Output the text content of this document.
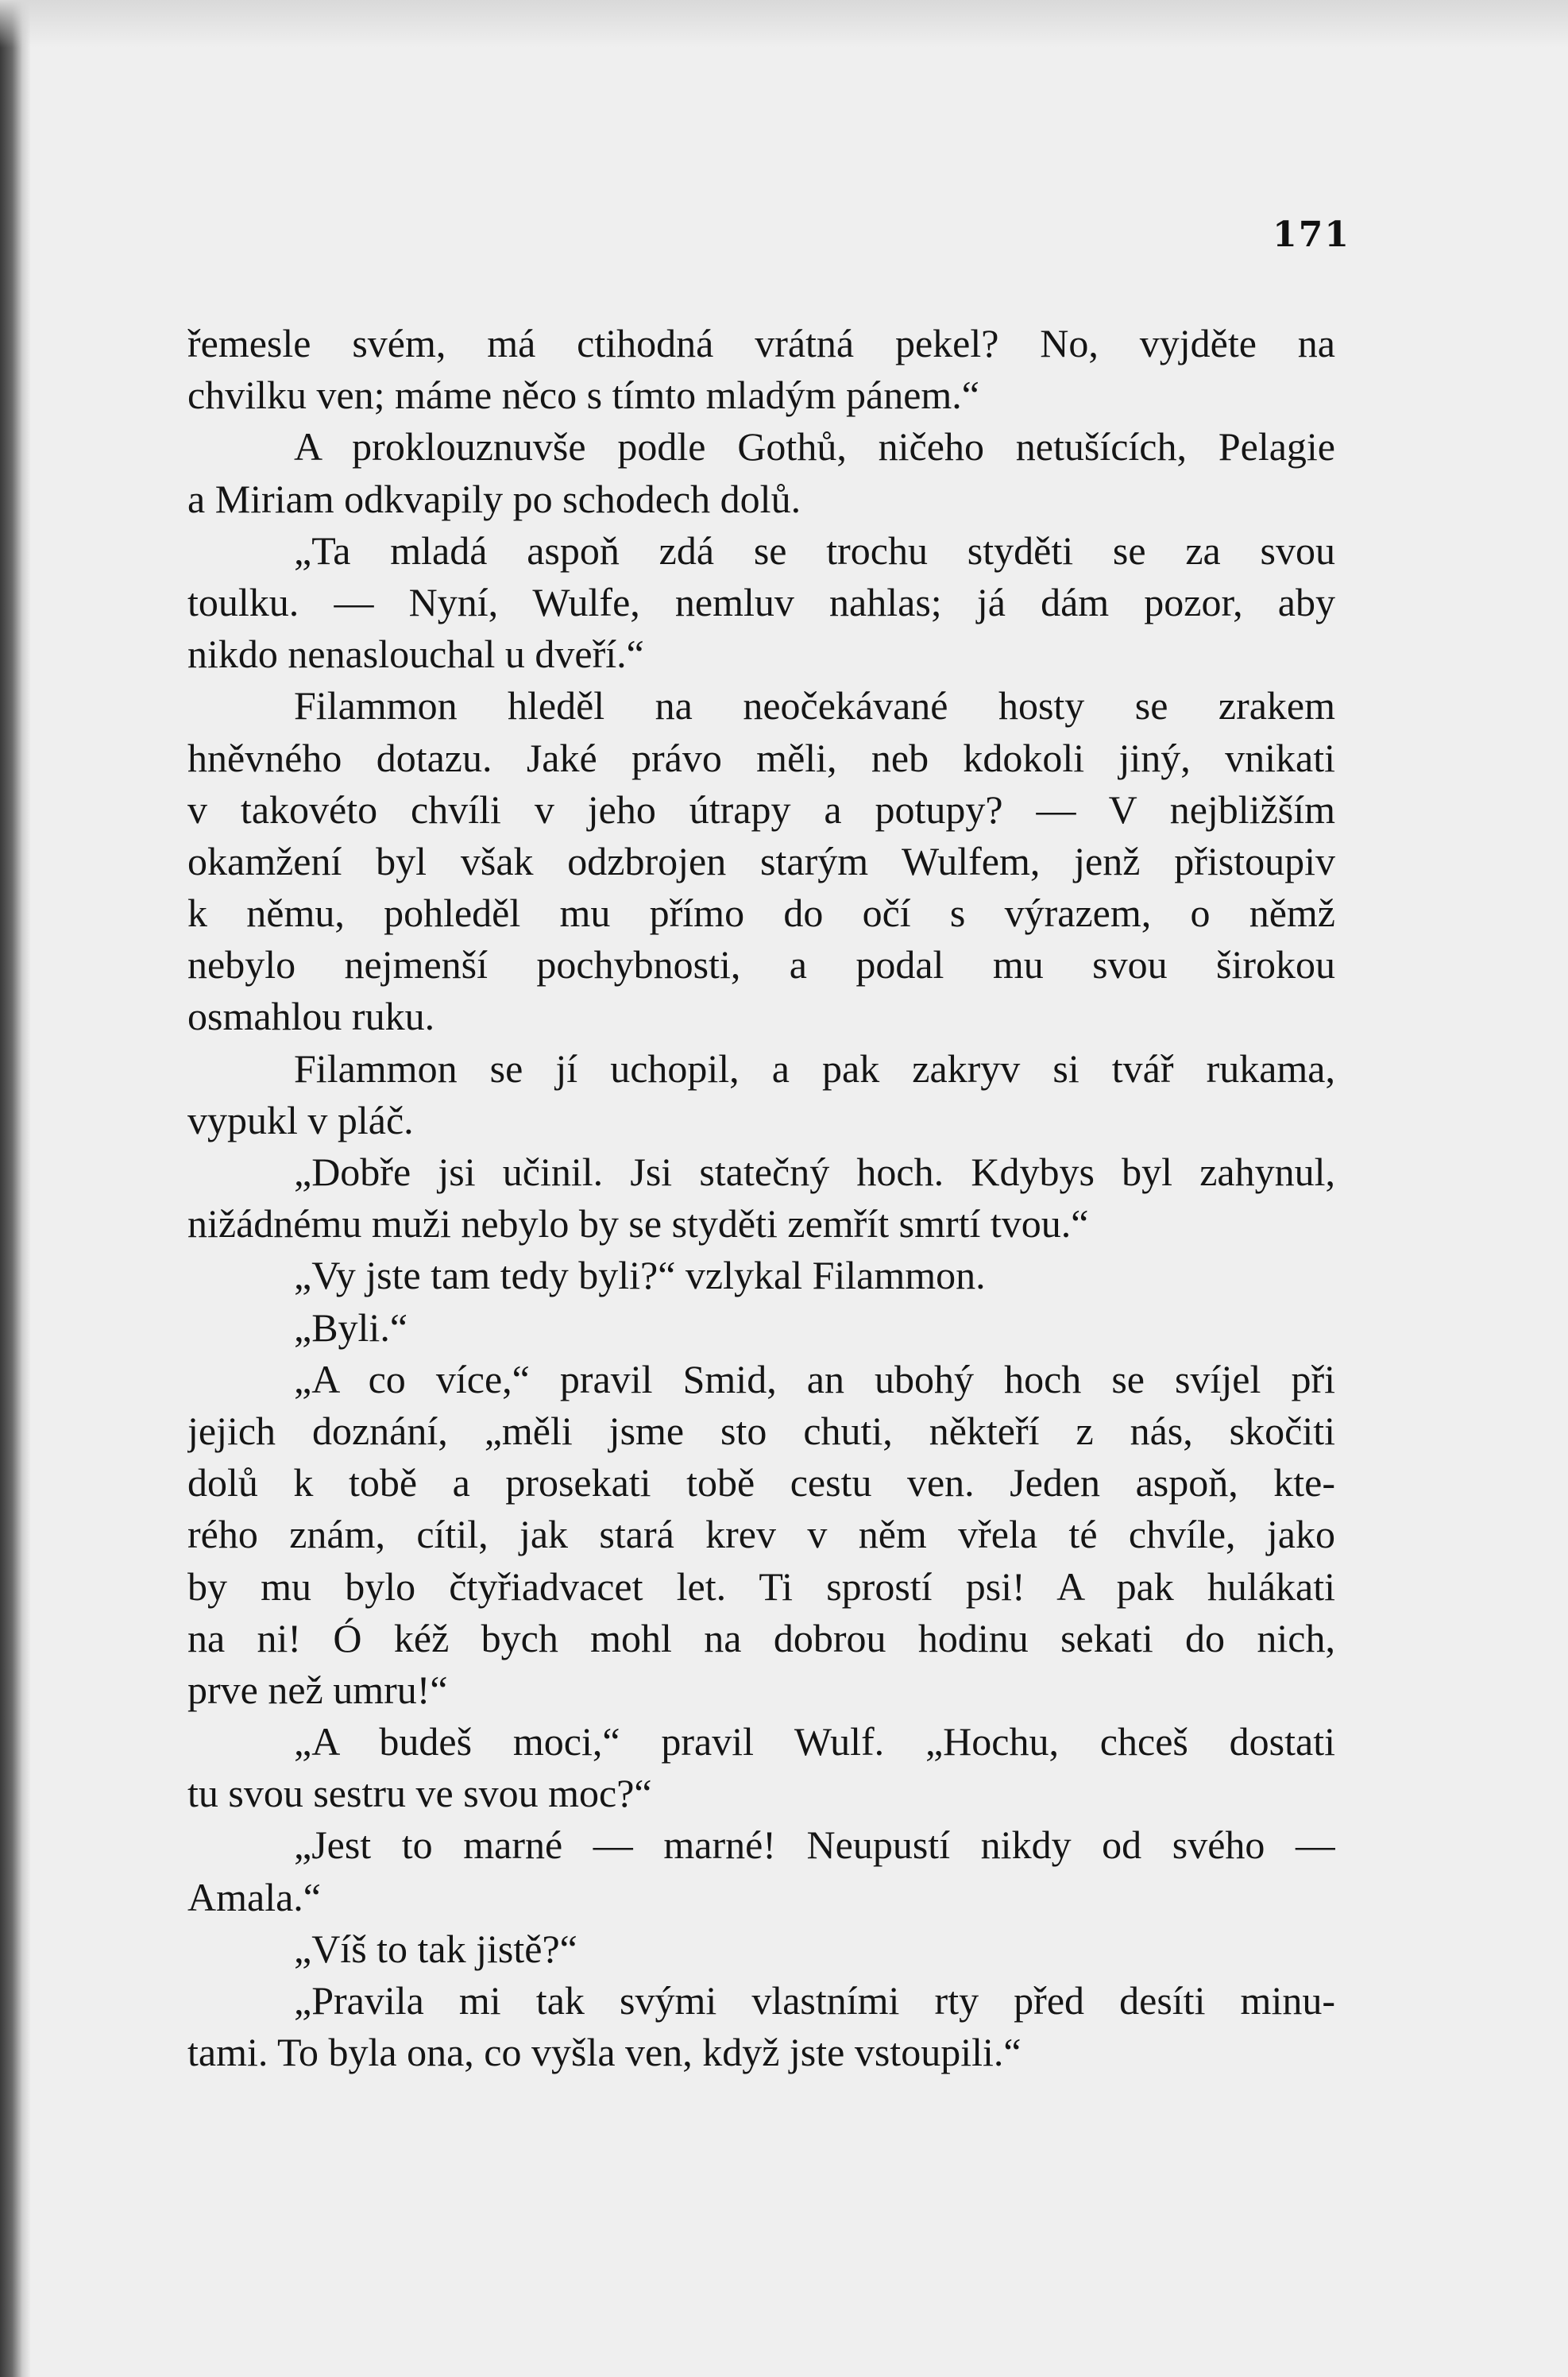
171
řemesle svém, má ctihodná vrátná pekel? No, vyjděte na
chvilku ven; máme něco s tímto mladým pánem.“
A proklouznuvše podle Gothů, ničeho netušících, Pelagie
a Miriam odkvapily po schodech dolů.
„Ta mladá aspoň zdá se trochu styděti se za svou
toulku. — Nyní, Wulfe, nemluv nahlas; já dám pozor, aby
nikdo nenaslouchal u dveří.“
Filammon hleděl na neočekávané hosty se zrakem
hněvného dotazu. Jaké právo měli, neb kdokoli jiný, vnikati
v takovéto chvíli v jeho útrapy a potupy? — V nejbližším
okamžení byl však odzbrojen starým Wulfem, jenž přistoupiv
k němu, pohleděl mu přímo do očí s výrazem, o němž
nebylo nejmenší pochybnosti, a podal mu svou širokou
osmahlou ruku.
Filammon se jí uchopil, a pak zakryv si tvář rukama,
vypukl v pláč.
„Dobře jsi učinil. Jsi statečný hoch. Kdybys byl zahynul,
nižádnému muži nebylo by se styděti zemřít smrtí tvou.“
„Vy jste tam tedy byli?“ vzlykal Filammon.
„Byli.“
„A co více,“ pravil Smid, an ubohý hoch se svíjel při
jejich doznání, „měli jsme sto chuti, někteří z nás, skočiti
dolů k tobě a prosekati tobě cestu ven. Jeden aspoň, kte-
rého znám, cítil, jak stará krev v něm vřela té chvíle, jako
by mu bylo čtyřiadvacet let. Ti sprostí psi! A pak hulákati
na ni! Ó kéž bych mohl na dobrou hodinu sekati do nich,
prve než umru!“
„A budeš moci,“ pravil Wulf. „Hochu, chceš dostati
tu svou sestru ve svou moc?“
„Jest to marné — marné! Neupustí nikdy od svého —
Amala.“
„Víš to tak jistě?“
„Pravila mi tak svými vlastními rty před desíti minu-
tami. To byla ona, co vyšla ven, když jste vstoupili.“
